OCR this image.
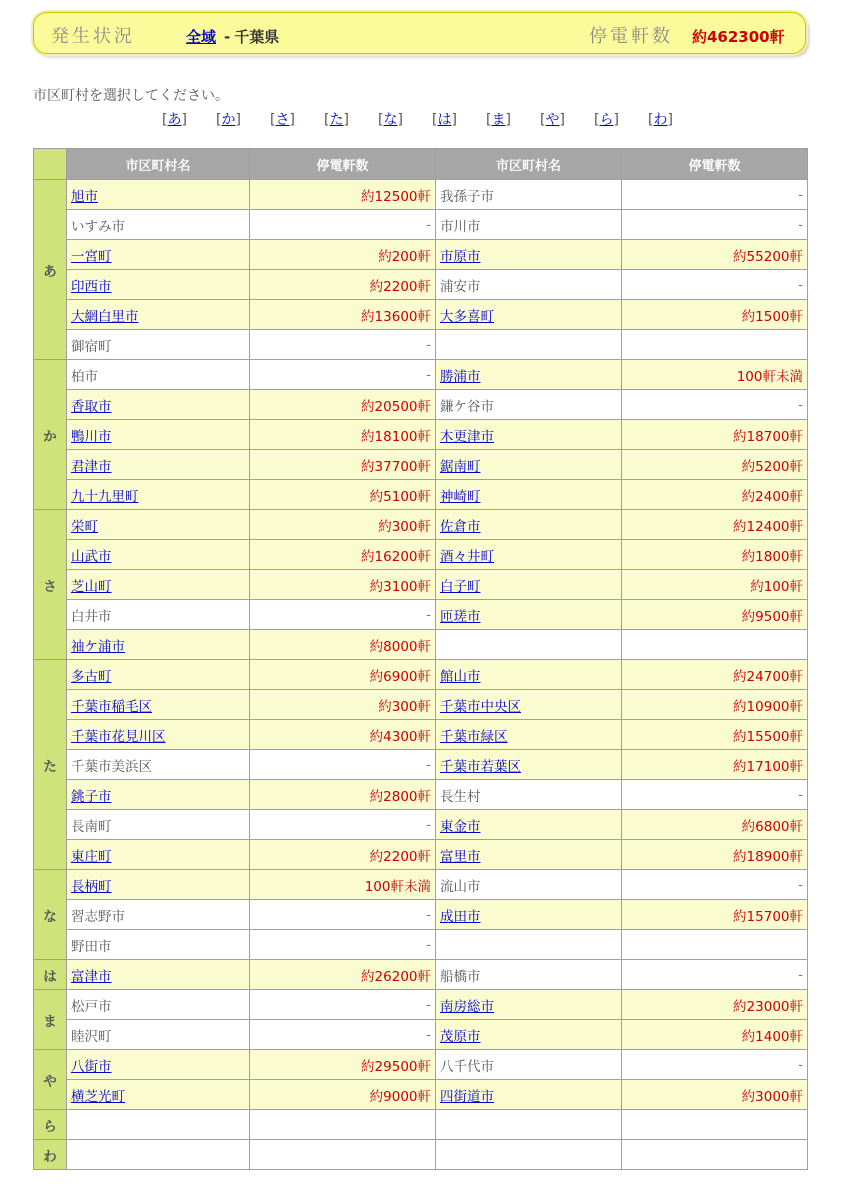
発生状況	全域 - 千葉県	停電軒数 約462300軒
市区町村を選択してください。
[あ] [か] [さ] [た] [な] [は] [ま] [や] [ら] [わ]
	市区町村名	停電軒数	市区町村名	停電軒数
あ	旭市	約12500軒	我孫子市	-
	いすみ市	-	市川市	-
	一宮町	約200軒	市原市	約55200軒
	印西市	約2200軒	浦安市	-
	大網白里市	約13600軒	大多喜町	約1500軒
	御宿町	-		
か	柏市	-	勝浦市	100軒未満
	香取市	約20500軒	鎌ケ谷市	-
	鴨川市	約18100軒	木更津市	約18700軒
	君津市	約37700軒	鋸南町	約5200軒
	九十九里町	約5100軒	神崎町	約2400軒
さ	栄町	約300軒	佐倉市	約12400軒
	山武市	約16200軒	酒々井町	約1800軒
	芝山町	約3100軒	白子町	約100軒
	白井市	-	匝瑳市	約9500軒
	袖ケ浦市	約8000軒		
た	多古町	約6900軒	館山市	約24700軒
	千葉市稲毛区	約300軒	千葉市中央区	約10900軒
	千葉市花見川区	約4300軒	千葉市緑区	約15500軒
	千葉市美浜区	-	千葉市若葉区	約17100軒
	銚子市	約2800軒	長生村	-
	長南町	-	東金市	約6800軒
	東庄町	約2200軒	富里市	約18900軒
な	長柄町	100軒未満	流山市	-
	習志野市	-	成田市	約15700軒
	野田市	-		
は	富津市	約26200軒	船橋市	-
ま	松戸市	-	南房総市	約23000軒
	睦沢町	-	茂原市	約1400軒
や	八街市	約29500軒	八千代市	-
	横芝光町	約9000軒	四街道市	約3000軒
ら				
わ				
